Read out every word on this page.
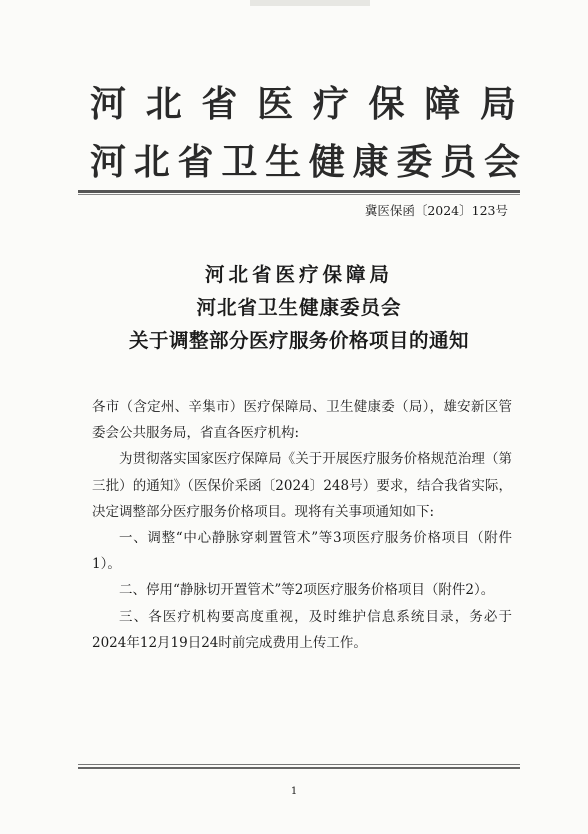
河北省医疗保障局
河北省卫生健康委员会
冀医保函〔2024〕123号
河北省医疗保障局
河北省卫生健康委员会
关于调整部分医疗服务价格项目的通知

各市（含定州、辛集市）医疗保障局、卫生健康委（局），雄安新区管委会公共服务局，省直各医疗机构:

为贯彻落实国家医疗保障局《关于开展医疗服务价格规范治理（第三批）的通知》（医保价采函〔2024〕248号）要求，结合我省实际，决定调整部分医疗服务价格项目。现将有关事项通知如下:

一、调整“中心静脉穿刺置管术”等3项医疗服务价格项目（附件1）。

二、停用“静脉切开置管术”等2项医疗服务价格项目（附件2）。

三、各医疗机构要高度重视，及时维护信息系统目录，务必于2024年12月19日24时前完成费用上传工作。

1
